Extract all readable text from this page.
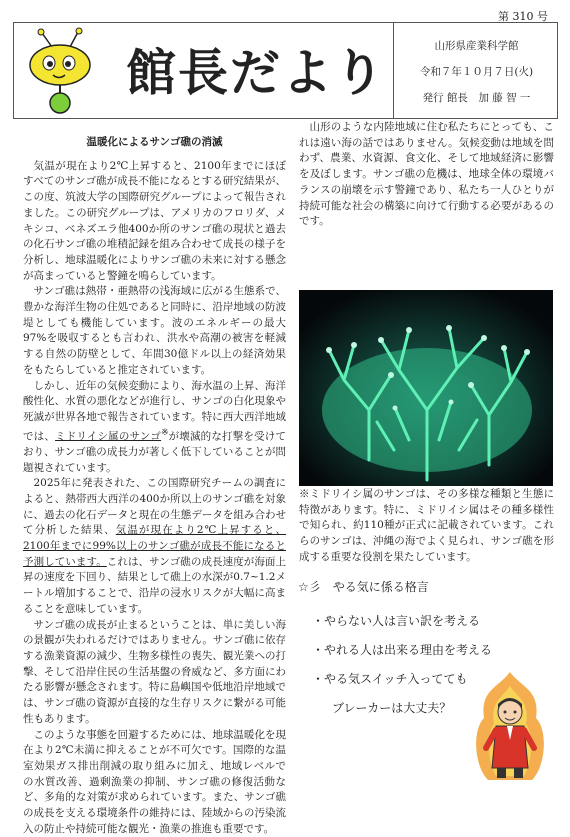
第 310 号
館長だより	山形県産業科学館
令和７年１０月７日(火)
発行 館長　加 藤 智 一
温暖化によるサンゴ礁の消滅

気温が現在より2℃上昇すると、2100年までにほぼすべてのサンゴ礁が成長不能になるとする研究結果が、この度、筑波大学の国際研究グループによって報告されました。この研究グループは、アメリカのフロリダ、メキシコ、ベネズエラ他400か所のサンゴ礁の現状と過去の化石サンゴ礁の堆積記録を組み合わせて成長の様子を分析し、地球温暖化によりサンゴ礁の未来に対する懸念が高まっていると警鐘を鳴らしています。

サンゴ礁は熱帯・亜熱帯の浅海域に広がる生態系で、豊かな海洋生物の住処であると同時に、沿岸地域の防波堤としても機能しています。波のエネルギーの最大97%を吸収するとも言われ、洪水や高潮の被害を軽減する自然の防壁として、年間30億ドル以上の経済効果をもたらしていると推定されています。

しかし、近年の気候変動により、海水温の上昇、海洋酸性化、水質の悪化などが進行し、サンゴの白化現象や死滅が世界各地で報告されています。特に西大西洋地域では、ミドリイシ属のサンゴ※が壊滅的な打撃を受けており、サンゴ礁の成長力が著しく低下していることが問題視されています。

2025年に発表された、この国際研究チームの調査によると、熱帯西大西洋の400か所以上のサンゴ礁を対象に、過去の化石データと現在の生態データを組み合わせて分析した結果、気温が現在より2℃上昇すると、2100年までに99%以上のサンゴ礁が成長不能になると予測しています。これは、サンゴ礁の成長速度が海面上昇の速度を下回り、結果として礁上の水深が0.7~1.2メートル増加することで、沿岸の浸水リスクが大幅に高まることを意味しています。

サンゴ礁の成長が止まるということは、単に美しい海の景観が失われるだけではありません。サンゴ礁に依存する漁業資源の減少、生物多様性の喪失、観光業への打撃、そして沿岸住民の生活基盤の脅威など、多方面にわたる影響が懸念されます。特に島嶼国や低地沿岸地域では、サンゴ礁の資源が直接的な生存リスクに繋がる可能性もあります。

このような事態を回避するためには、地球温暖化を現在より2℃未満に抑えることが不可欠です。国際的な温室効果ガス排出削減の取り組みに加え、地域レベルでの水質改善、過剰漁業の抑制、サンゴ礁の修復活動など、多角的な対策が求められています。また、サンゴ礁の成長を支える環境条件の維持には、陸域からの汚染流入の防止や持続可能な観光・漁業の推進も重要です。

山形のような内陸地域に住む私たちにとっても、これは遠い海の話ではありません。気候変動は地域を問わず、農業、水資源、食文化、そして地域経済に影響を及ぼします。サンゴ礁の危機は、地球全体の環境バランスの崩壊を示す警鐘であり、私たち一人ひとりが持続可能な社会の構築に向けて行動する必要があるのです。

※ミドリイシ属のサンゴは、その多様な種類と生態に特徴があります。特に、ミドリイシ属はその種多様性で知られ、約110種が正式に記載されています。これらのサンゴは、沖縄の海でよく見られ、サンゴ礁を形成する重要な役割を果たしています。
☆彡　やる気に係る格言
・やらない人は言い訳を考える
・やれる人は出来る理由を考える
・やる気スイッチ入ってても
ブレーカーは大丈夫？
